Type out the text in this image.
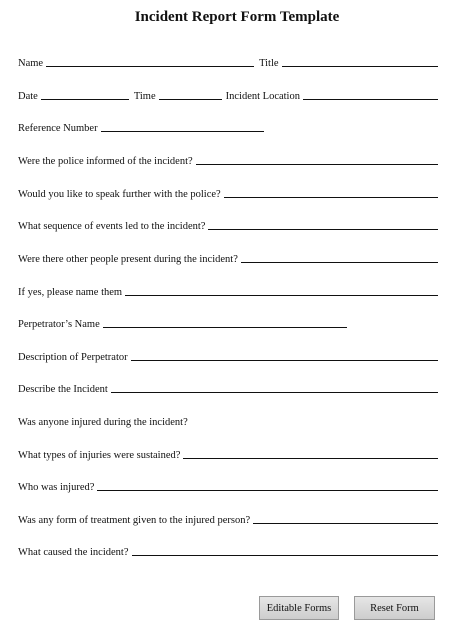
Incident Report Form Template
Name	Title
Date	Time	Incident Location
Reference Number
Were the police informed of the incident?
Would you like to speak further with the police?
What sequence of events led to the incident?
Were there other people present during the incident?
If yes, please name them
Perpetrator’s Name
Description of Perpetrator
Describe the Incident
Was anyone injured during the incident?
What types of injuries were sustained?
Who was injured?
Was any form of treatment given to the injured person?
What caused the incident?
Editable Forms	Reset Form
